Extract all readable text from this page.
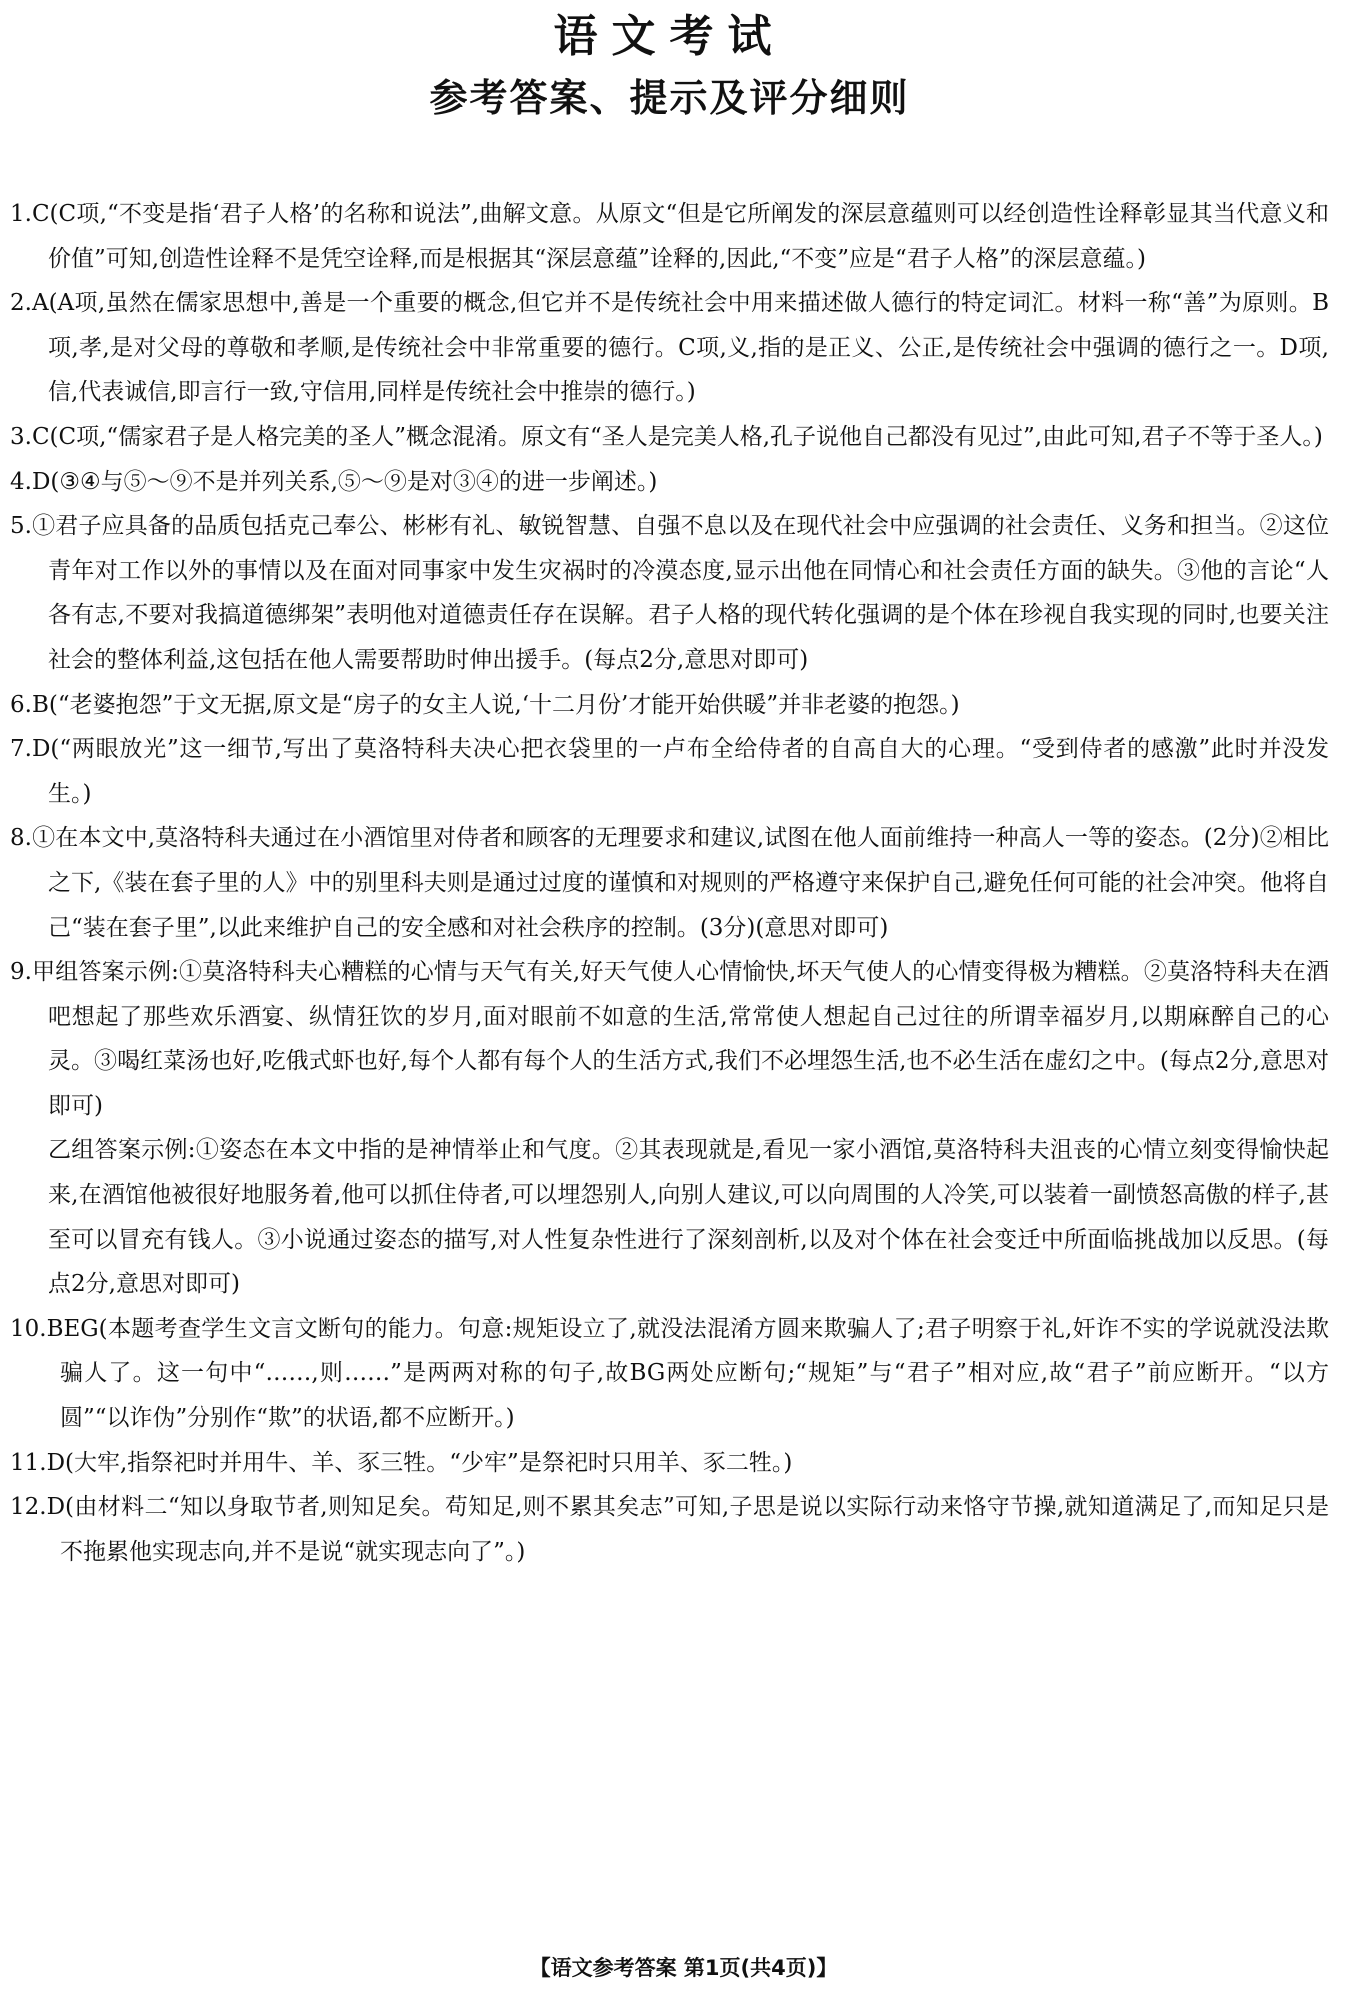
语文考试
参考答案、提示及评分细则

1.C(C项,“不变是指‘君子人格’的名称和说法”,曲解文意。从原文“但是它所阐发的深层意蕴则可以经创造性诠释彰显其当代意义和价值”可知,创造性诠释不是凭空诠释,而是根据其“深层意蕴”诠释的,因此,“不变”应是“君子人格”的深层意蕴。)

2.A(A项,虽然在儒家思想中,善是一个重要的概念,但它并不是传统社会中用来描述做人德行的特定词汇。材料一称“善”为原则。B项,孝,是对父母的尊敬和孝顺,是传统社会中非常重要的德行。C项,义,指的是正义、公正,是传统社会中强调的德行之一。D项,信,代表诚信,即言行一致,守信用,同样是传统社会中推崇的德行。)

3.C(C项,“儒家君子是人格完美的圣人”概念混淆。原文有“圣人是完美人格,孔子说他自己都没有见过”,由此可知,君子不等于圣人。)

4.D(③④与⑤～⑨不是并列关系,⑤～⑨是对③④的进一步阐述。)

5.①君子应具备的品质包括克己奉公、彬彬有礼、敏锐智慧、自强不息以及在现代社会中应强调的社会责任、义务和担当。②这位青年对工作以外的事情以及在面对同事家中发生灾祸时的冷漠态度,显示出他在同情心和社会责任方面的缺失。③他的言论“人各有志,不要对我搞道德绑架”表明他对道德责任存在误解。君子人格的现代转化强调的是个体在珍视自我实现的同时,也要关注社会的整体利益,这包括在他人需要帮助时伸出援手。(每点2分,意思对即可)

6.B(“老婆抱怨”于文无据,原文是“房子的女主人说,‘十二月份’才能开始供暖”并非老婆的抱怨。)

7.D(“两眼放光”这一细节,写出了莫洛特科夫决心把衣袋里的一卢布全给侍者的自高自大的心理。“受到侍者的感激”此时并没发生。)

8.①在本文中,莫洛特科夫通过在小酒馆里对侍者和顾客的无理要求和建议,试图在他人面前维持一种高人一等的姿态。(2分)②相比之下,《装在套子里的人》中的别里科夫则是通过过度的谨慎和对规则的严格遵守来保护自己,避免任何可能的社会冲突。他将自己“装在套子里”,以此来维护自己的安全感和对社会秩序的控制。(3分)(意思对即可)

9.甲组答案示例:①莫洛特科夫心糟糕的心情与天气有关,好天气使人心情愉快,坏天气使人的心情变得极为糟糕。②莫洛特科夫在酒吧想起了那些欢乐酒宴、纵情狂饮的岁月,面对眼前不如意的生活,常常使人想起自己过往的所谓幸福岁月,以期麻醉自己的心灵。③喝红菜汤也好,吃俄式虾也好,每个人都有每个人的生活方式,我们不必埋怨生活,也不必生活在虚幻之中。(每点2分,意思对即可)

乙组答案示例:①姿态在本文中指的是神情举止和气度。②其表现就是,看见一家小酒馆,莫洛特科夫沮丧的心情立刻变得愉快起来,在酒馆他被很好地服务着,他可以抓住侍者,可以埋怨别人,向别人建议,可以向周围的人冷笑,可以装着一副愤怒高傲的样子,甚至可以冒充有钱人。③小说通过姿态的描写,对人性复杂性进行了深刻剖析,以及对个体在社会变迁中所面临挑战加以反思。(每点2分,意思对即可)

10.BEG(本题考查学生文言文断句的能力。句意:规矩设立了,就没法混淆方圆来欺骗人了;君子明察于礼,奸诈不实的学说就没法欺骗人了。这一句中“……,则……”是两两对称的句子,故BG两处应断句;“规矩”与“君子”相对应,故“君子”前应断开。“以方圆”“以诈伪”分别作“欺”的状语,都不应断开。)

11.D(大牢,指祭祀时并用牛、羊、豕三牲。“少牢”是祭祀时只用羊、豕二牲。)

12.D(由材料二“知以身取节者,则知足矣。苟知足,则不累其矣志”可知,子思是说以实际行动来恪守节操,就知道满足了,而知足只是不拖累他实现志向,并不是说“就实现志向了”。)

【语文参考答案 第1页(共4页)】
